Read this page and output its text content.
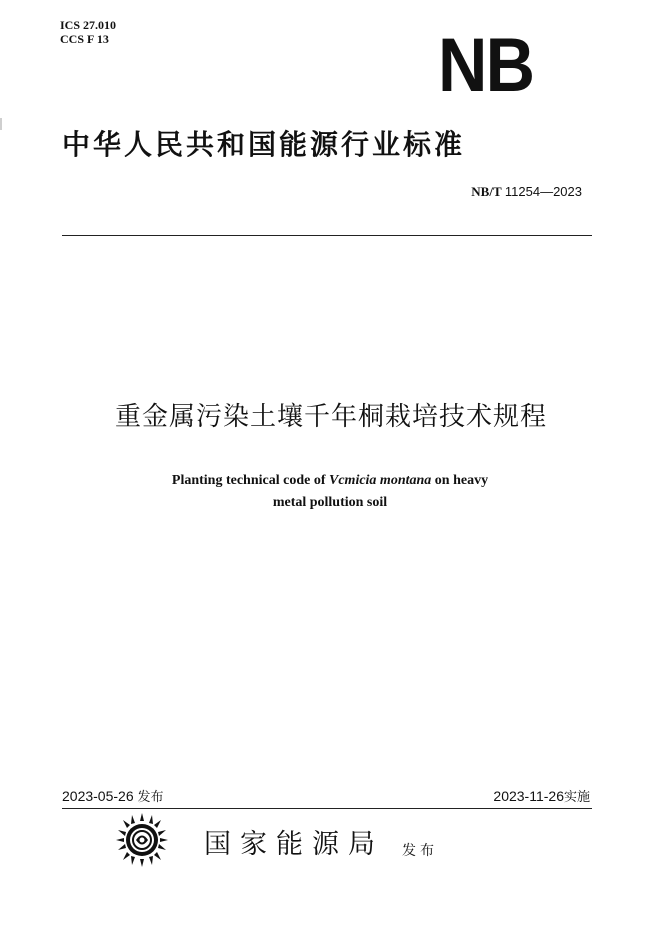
ICS 27.010
CCS F 13	NB
中华人民共和国能源行业标准
NB/T 11254—2023
重金属污染土壤千年桐栽培技术规程
Planting technical code of Vcmicia montana on heavy
metal pollution soil
2023-05-26 发布	2023-11-26实施
国家能源局 发布
